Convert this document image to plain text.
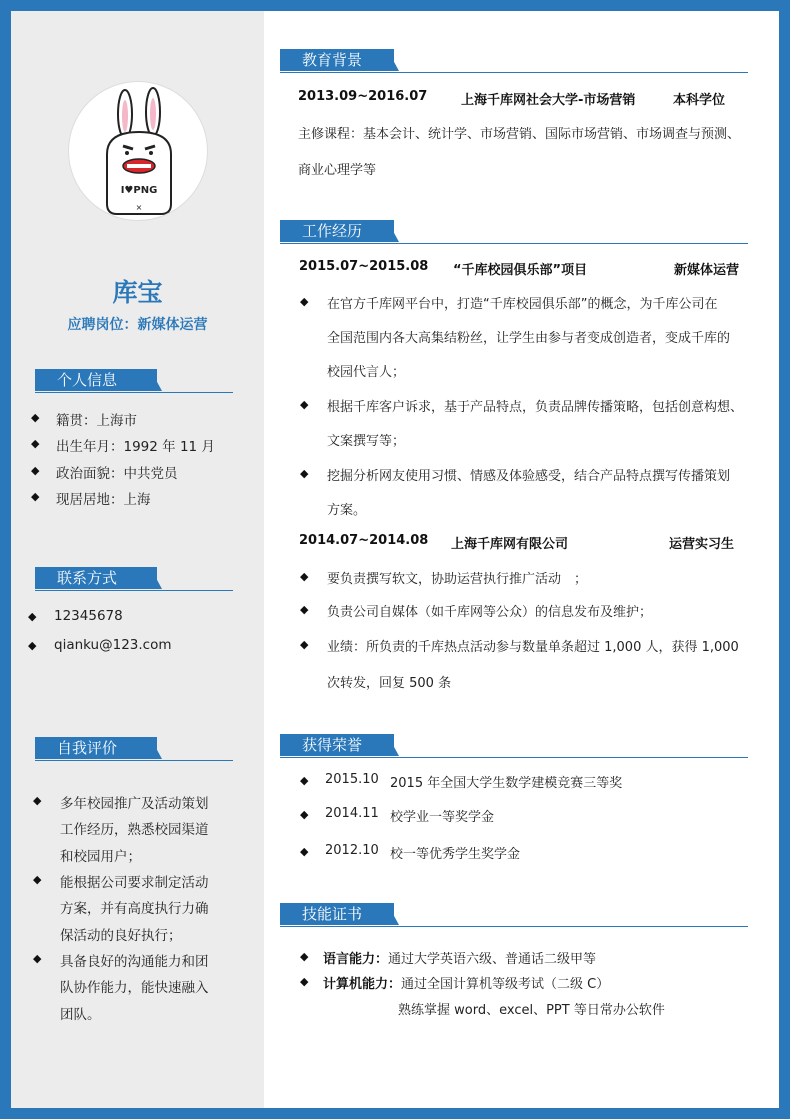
I♥PNG
×
库宝
应聘岗位：新媒体运营
个人信息
◆ 籍贯：上海市
◆ 出生年月：1992 年 11 月
◆ 政治面貌：中共党员
◆ 现居居地：上海
联系方式
◆ 12345678
◆ qianku@123.com
自我评价
◆ 多年校园推广及活动策划
工作经历，熟悉校园渠道
和校园用户；
◆ 能根据公司要求制定活动
方案，并有高度执行力确
保活动的良好执行；
◆ 具备良好的沟通能力和团
队协作能力，能快速融入
团队。
教育背景
2013.09~2016.07	上海千库网社会大学-市场营销	本科学位
主修课程：基本会计、统计学、市场营销、国际市场营销、市场调查与预测、
商业心理学等
工作经历
2015.07~2015.08 “千库校园俱乐部”项目	新媒体运营
◆ 在官方千库网平台中，打造“千库校园俱乐部”的概念，为千库公司在
全国范围内各大高集结粉丝，让学生由参与者变成创造者，变成千库的
校园代言人；
◆ 根据千库客户诉求，基于产品特点，负责品牌传播策略，包括创意构想、
文案撰写等；
◆ 挖掘分析网友使用习惯、情感及体验感受，结合产品特点撰写传播策划
方案。
2014.07~2014.08 上海千库网有限公司	运营实习生
◆ 要负责撰写软文，协助运营执行推广活动　；
◆ 负责公司自媒体（如千库网等公众）的信息发布及维护；
◆ 业绩：所负责的千库热点活动参与数量单条超过 1,000 人，获得 1,000
次转发，回复 500 条
获得荣誉
◆ 2015.10 2015 年全国大学生数学建模竞赛三等奖
◆ 2014.11 校学业一等奖学金
◆ 2012.10 校一等优秀学生奖学金
技能证书
◆ 语言能力：通过大学英语六级、普通话二级甲等
◆ 计算机能力：通过全国计算机等级考试（二级 C）
熟练掌握 word、excel、PPT 等日常办公软件
